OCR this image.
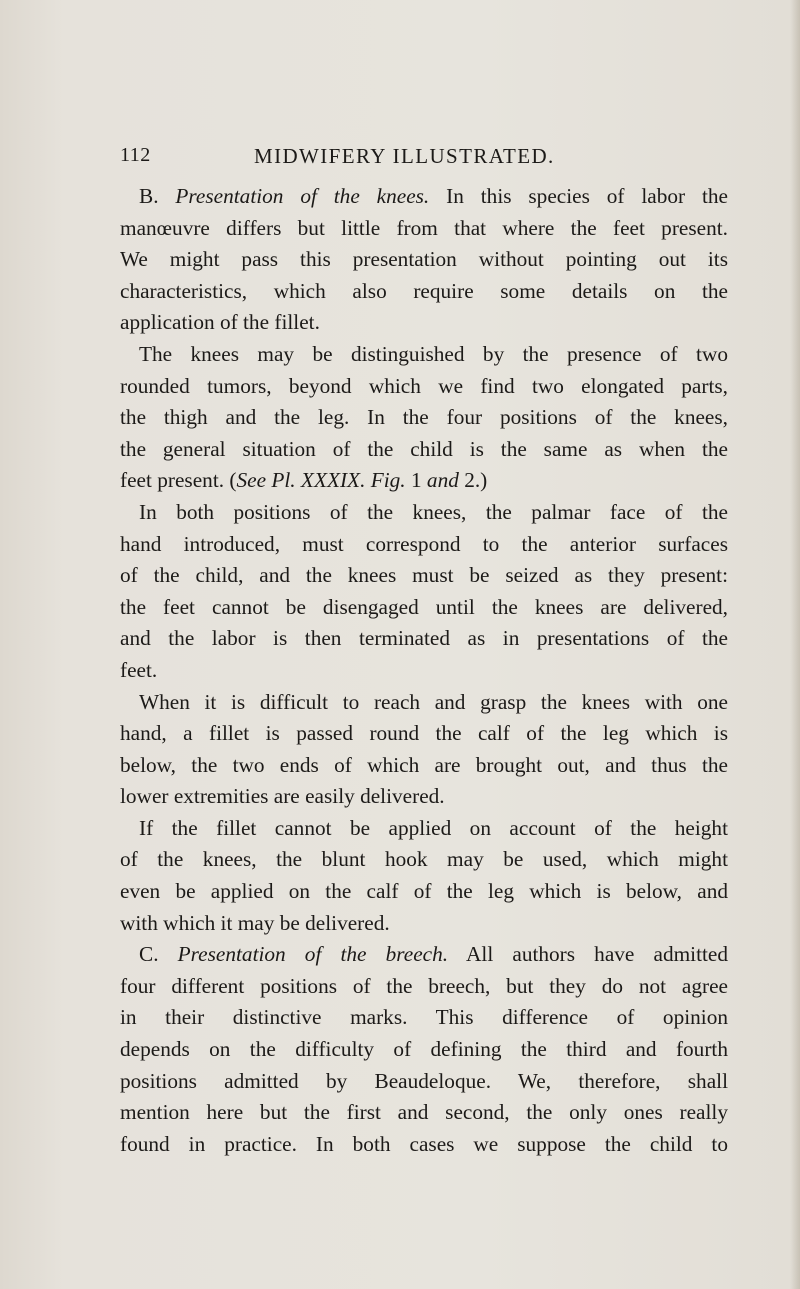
112	MIDWIFERY ILLUSTRATED.

B. Presentation of the knees. In this species of labor the

manœuvre differs but little from that where the feet present.

We might pass this presentation without pointing out its

characteristics, which also require some details on the

application of the fillet.

The knees may be distinguished by the presence of two

rounded tumors, beyond which we find two elongated parts,

the thigh and the leg. In the four positions of the knees,

the general situation of the child is the same as when the

feet present. (See Pl. XXXIX. Fig. 1 and 2.)

In both positions of the knees, the palmar face of the

hand introduced, must correspond to the anterior surfaces

of the child, and the knees must be seized as they present:

the feet cannot be disengaged until the knees are delivered,

and the labor is then terminated as in presentations of the

feet.

When it is difficult to reach and grasp the knees with one

hand, a fillet is passed round the calf of the leg which is

below, the two ends of which are brought out, and thus the

lower extremities are easily delivered.

If the fillet cannot be applied on account of the height

of the knees, the blunt hook may be used, which might

even be applied on the calf of the leg which is below, and

with which it may be delivered.

C. Presentation of the breech. All authors have admitted

four different positions of the breech, but they do not agree

in their distinctive marks. This difference of opinion

depends on the difficulty of defining the third and fourth

positions admitted by Beaudeloque. We, therefore, shall

mention here but the first and second, the only ones really

found in practice. In both cases we suppose the child to
